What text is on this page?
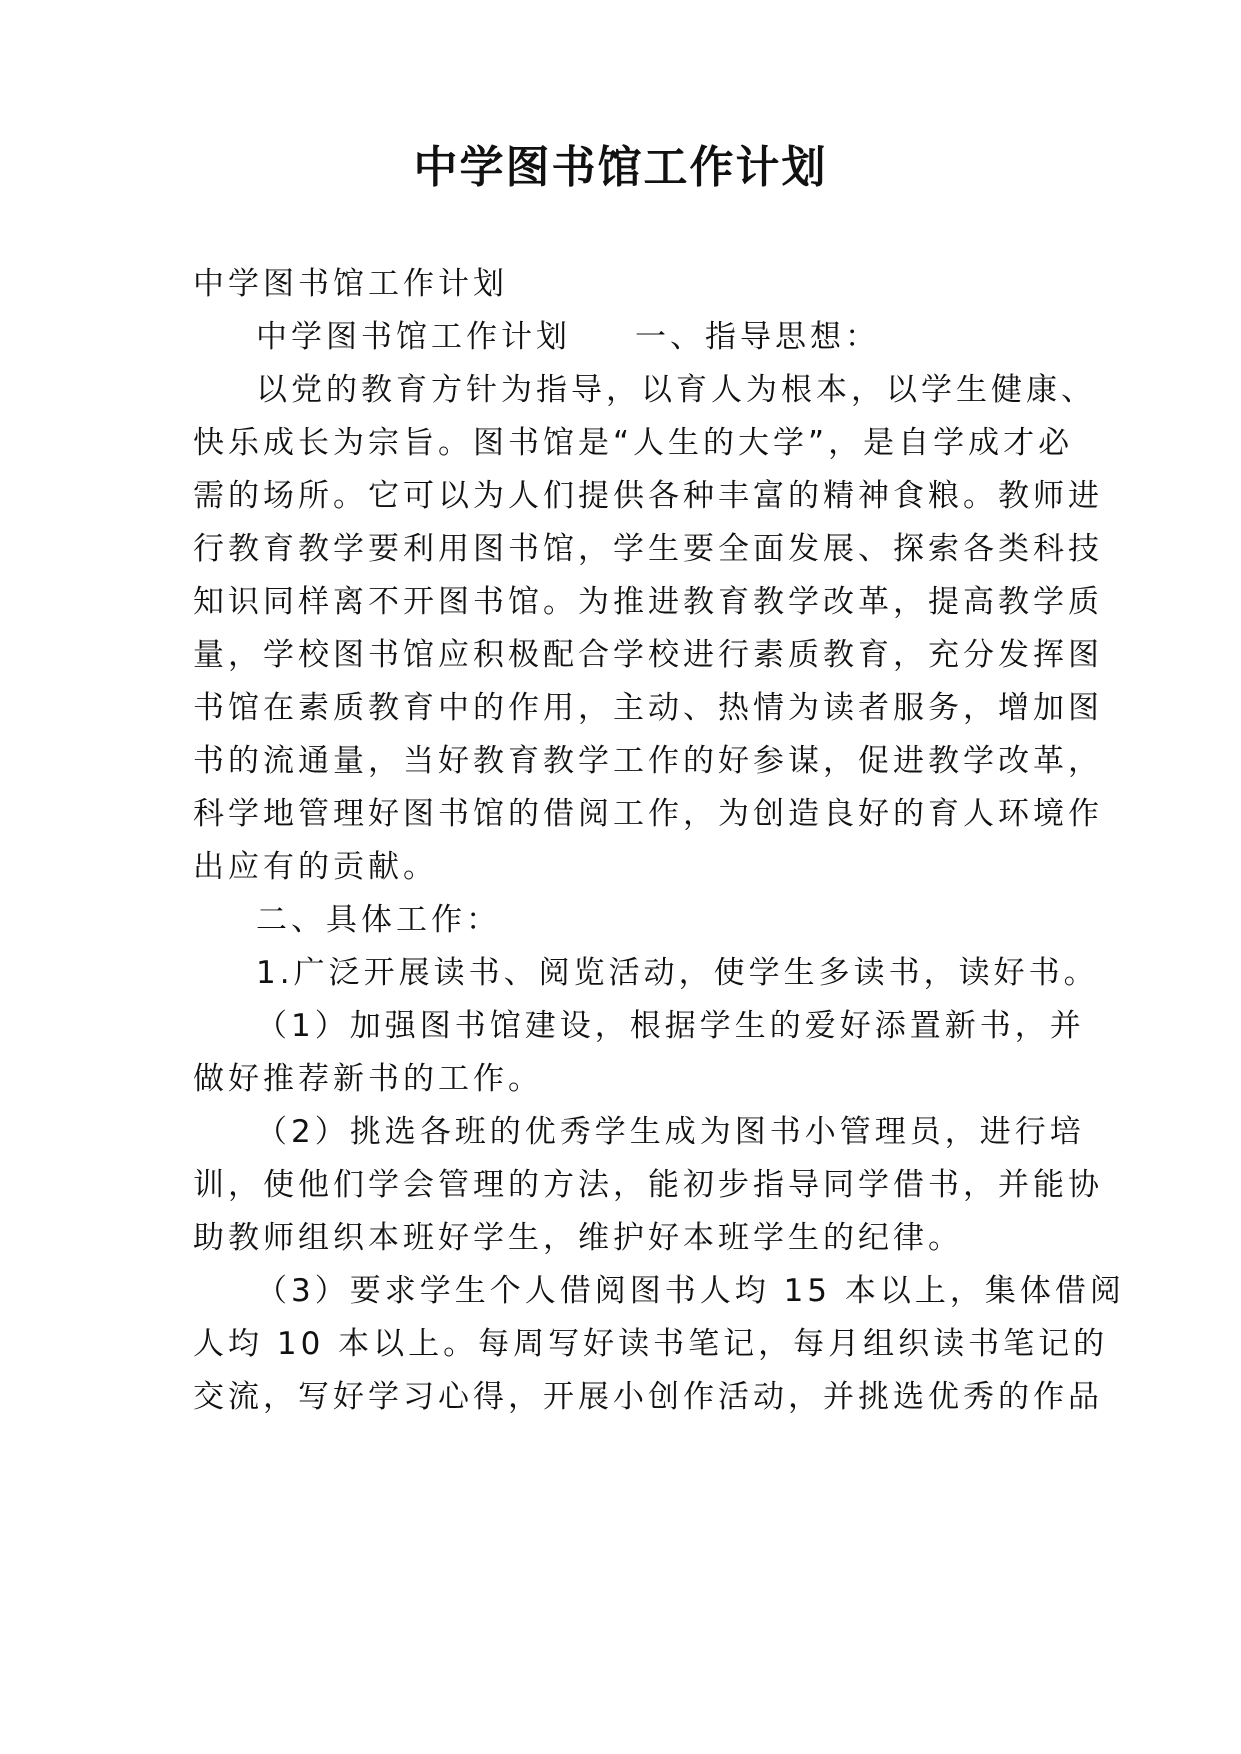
中学图书馆工作计划
中学图书馆工作计划
中学图书馆工作计划 一、指导思想：
以党的教育方针为指导，以育人为根本，以学生健康、
快乐成长为宗旨。图书馆是“人生的大学”，是自学成才必
需的场所。它可以为人们提供各种丰富的精神食粮。教师进
行教育教学要利用图书馆，学生要全面发展、探索各类科技
知识同样离不开图书馆。为推进教育教学改革，提高教学质
量，学校图书馆应积极配合学校进行素质教育，充分发挥图
书馆在素质教育中的作用，主动、热情为读者服务，增加图
书的流通量，当好教育教学工作的好参谋，促进教学改革，
科学地管理好图书馆的借阅工作，为创造良好的育人环境作
出应有的贡献。
二、具体工作：
1.广泛开展读书、阅览活动，使学生多读书，读好书。
（1）加强图书馆建设，根据学生的爱好添置新书，并
做好推荐新书的工作。
（2）挑选各班的优秀学生成为图书小管理员，进行培
训，使他们学会管理的方法，能初步指导同学借书，并能协
助教师组织本班好学生，维护好本班学生的纪律。
（3）要求学生个人借阅图书人均 15 本以上，集体借阅
人均 10 本以上。每周写好读书笔记，每月组织读书笔记的
交流，写好学习心得，开展小创作活动，并挑选优秀的作品
